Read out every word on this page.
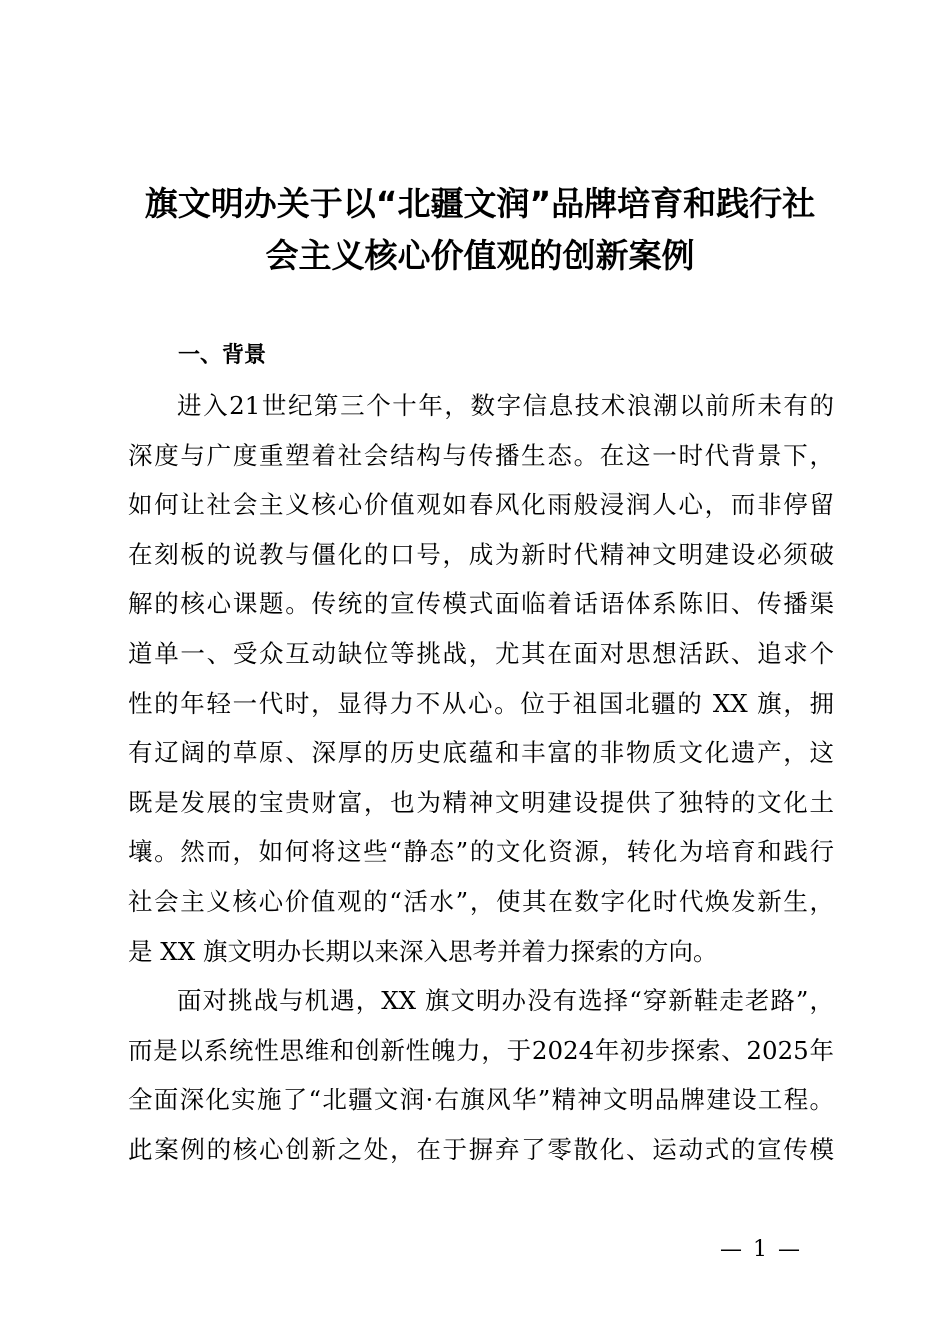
旗文明办关于以“北疆文润”品牌培育和践行社
会主义核心价值观的创新案例
一、背景
进入21世纪第三个十年，数字信息技术浪潮以前所未有的
深度与广度重塑着社会结构与传播生态。在这一时代背景下，
如何让社会主义核心价值观如春风化雨般浸润人心，而非停留
在刻板的说教与僵化的口号，成为新时代精神文明建设必须破
解的核心课题。传统的宣传模式面临着话语体系陈旧、传播渠
道单一、受众互动缺位等挑战，尤其在面对思想活跃、追求个
性的年轻一代时，显得力不从心。位于祖国北疆的 XX 旗，拥
有辽阔的草原、深厚的历史底蕴和丰富的非物质文化遗产，这
既是发展的宝贵财富，也为精神文明建设提供了独特的文化土
壤。然而，如何将这些“静态”的文化资源，转化为培育和践行
社会主义核心价值观的“活水”，使其在数字化时代焕发新生，
是 XX 旗文明办长期以来深入思考并着力探索的方向。
面对挑战与机遇，XX 旗文明办没有选择“穿新鞋走老路”，
而是以系统性思维和创新性魄力，于2024年初步探索、2025年
全面深化实施了“北疆文润·右旗风华”精神文明品牌建设工程。
此案例的核心创新之处，在于摒弃了零散化、运动式的宣传模
— 1 —
